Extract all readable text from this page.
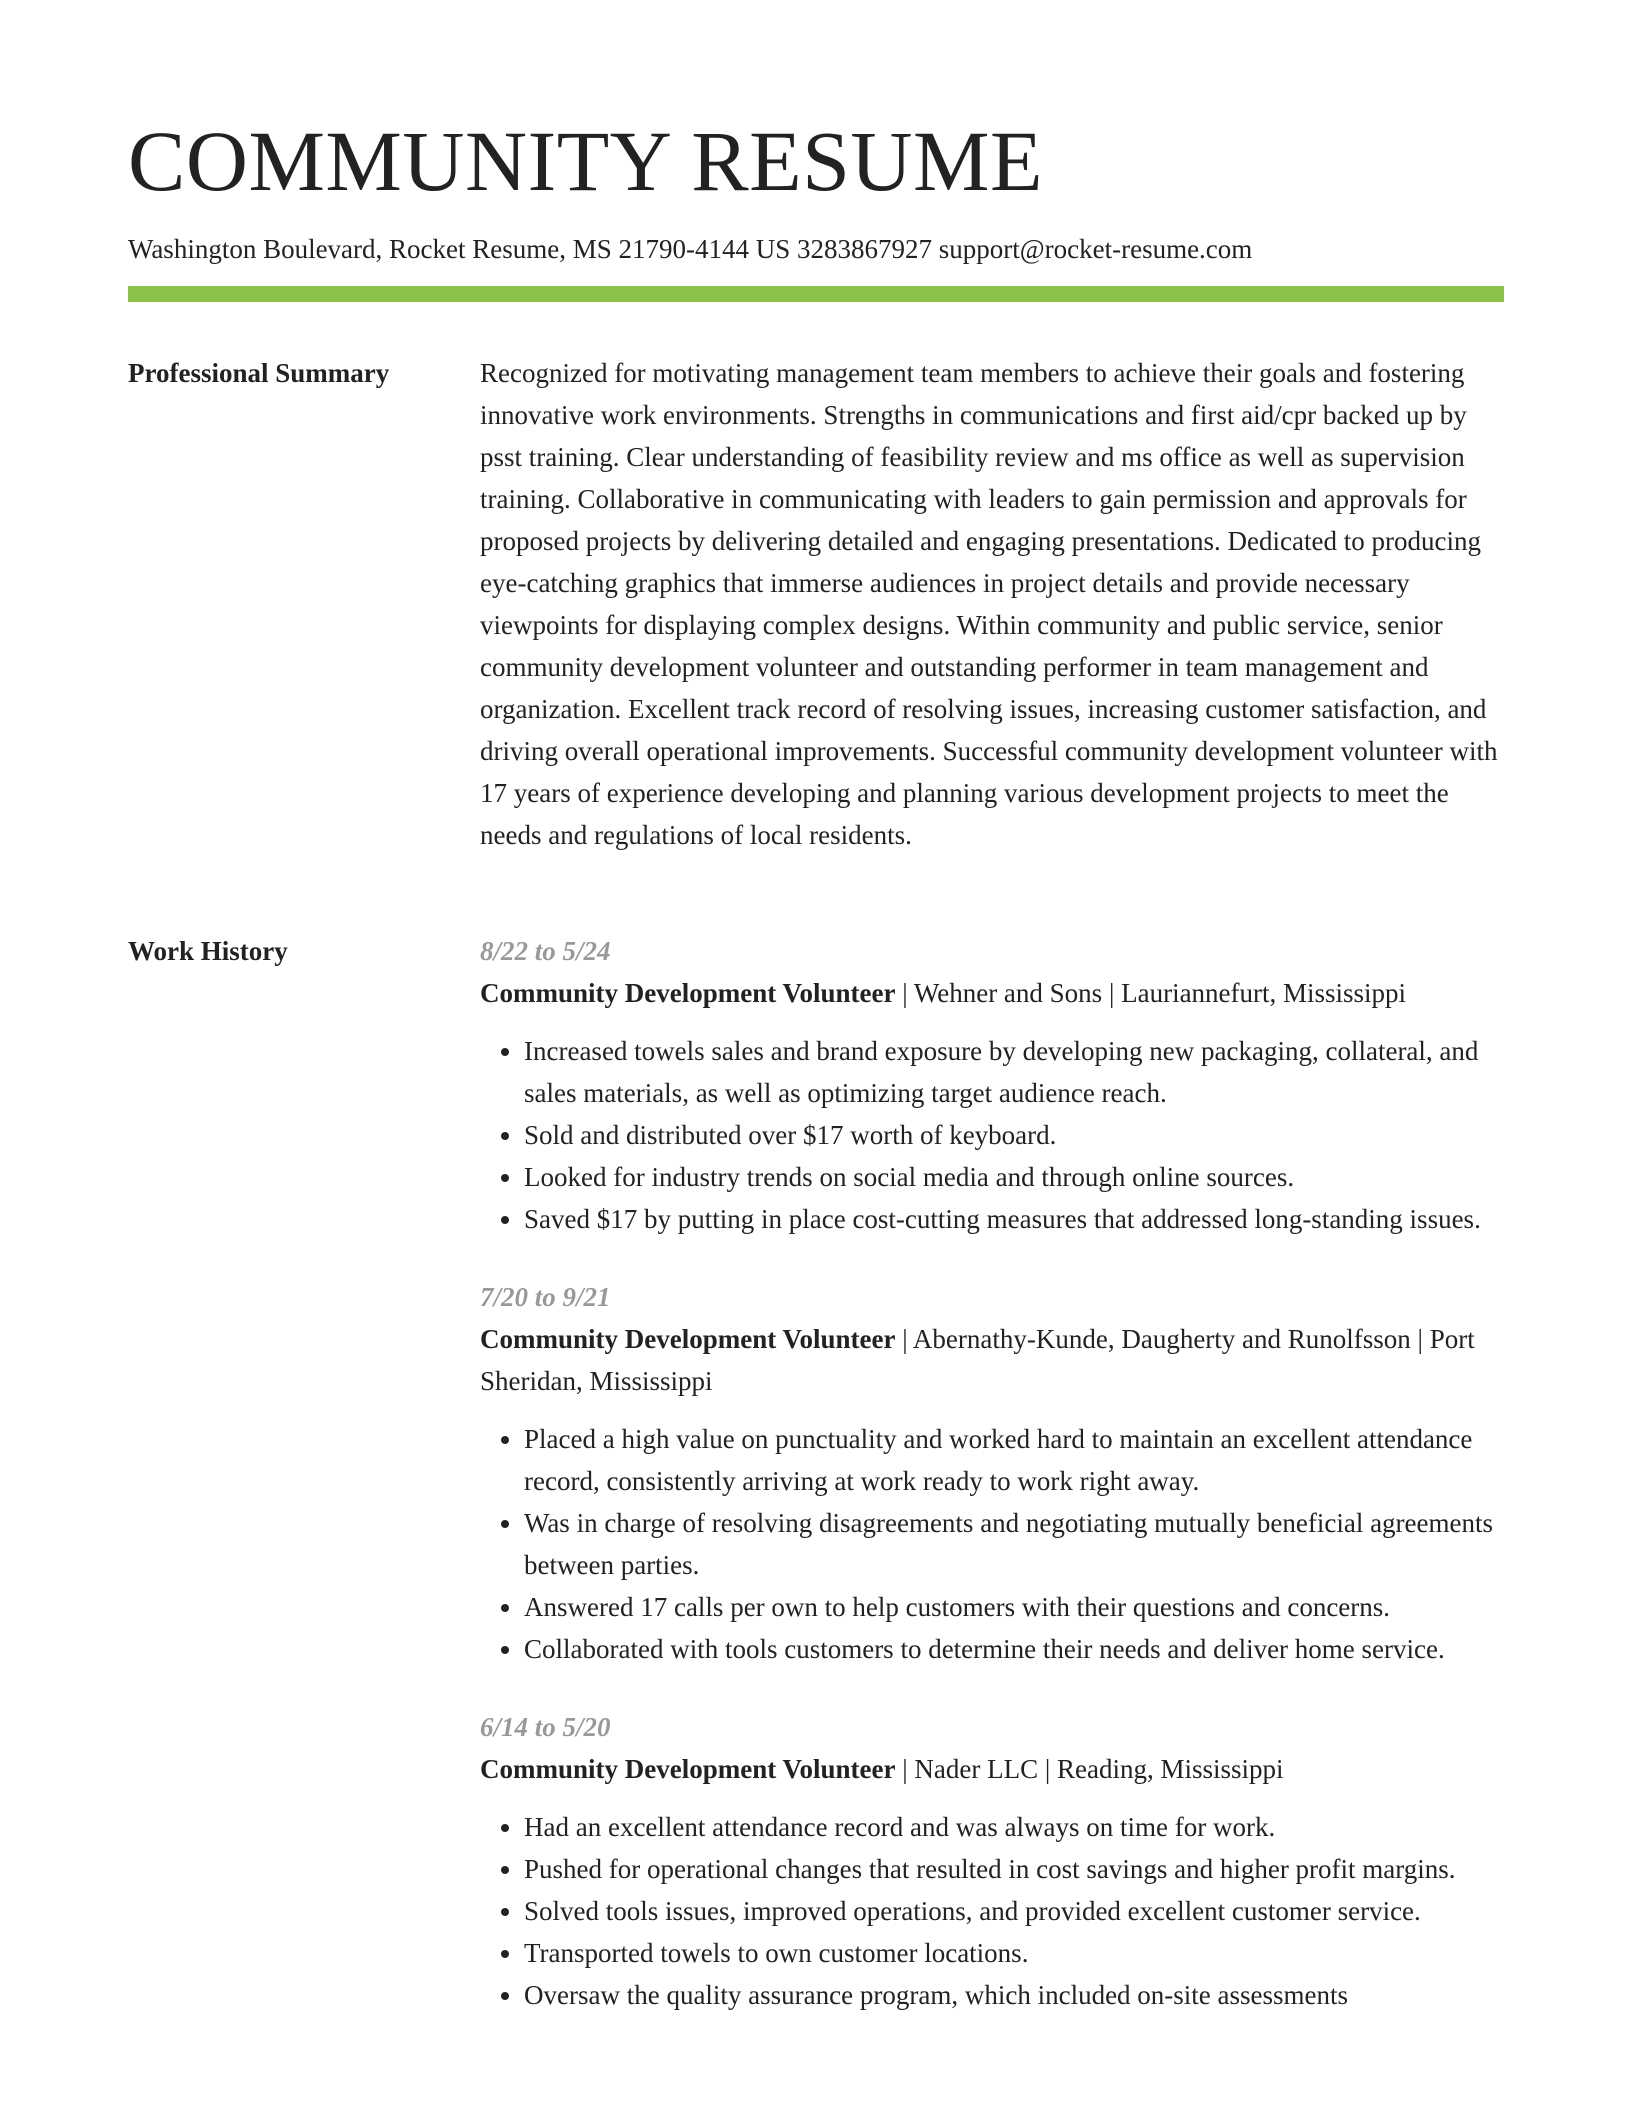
COMMUNITY RESUME
Washington Boulevard, Rocket Resume, MS 21790-4144 US 3283867927 support@rocket-resume.com
Professional Summary	Recognized for motivating management team members to achieve their goals and fostering innovative work environments. Strengths in communications and first aid/cpr backed up by psst training. Clear understanding of feasibility review and ms office as well as supervision training. Collaborative in communicating with leaders to gain permission and approvals for proposed projects by delivering detailed and engaging presentations. Dedicated to producing eye-catching graphics that immerse audiences in project details and provide necessary viewpoints for displaying complex designs. Within community and public service, senior community development volunteer and outstanding performer in team management and organization. Excellent track record of resolving issues, increasing customer satisfaction, and driving overall operational improvements. Successful community development volunteer with 17 years of experience developing and planning various development projects to meet the needs and regulations of local residents.

Work History	8/22 to 5/24

Community Development Volunteer | Wehner and Sons | Lauriannefurt, Mississippi

• Increased towels sales and brand exposure by developing new packaging, collateral, and sales materials, as well as optimizing target audience reach.
• Sold and distributed over $17 worth of keyboard.
• Looked for industry trends on social media and through online sources.
• Saved $17 by putting in place cost-cutting measures that addressed long-standing issues.

7/20 to 9/21

Community Development Volunteer | Abernathy-Kunde, Daugherty and Runolfsson | Port Sheridan, Mississippi

• Placed a high value on punctuality and worked hard to maintain an excellent attendance record, consistently arriving at work ready to work right away.
• Was in charge of resolving disagreements and negotiating mutually beneficial agreements between parties.
• Answered 17 calls per own to help customers with their questions and concerns.
• Collaborated with tools customers to determine their needs and deliver home service.

6/14 to 5/20

Community Development Volunteer | Nader LLC | Reading, Mississippi

• Had an excellent attendance record and was always on time for work.
• Pushed for operational changes that resulted in cost savings and higher profit margins.
• Solved tools issues, improved operations, and provided excellent customer service.
• Transported towels to own customer locations.
• Oversaw the quality assurance program, which included on-site assessments
